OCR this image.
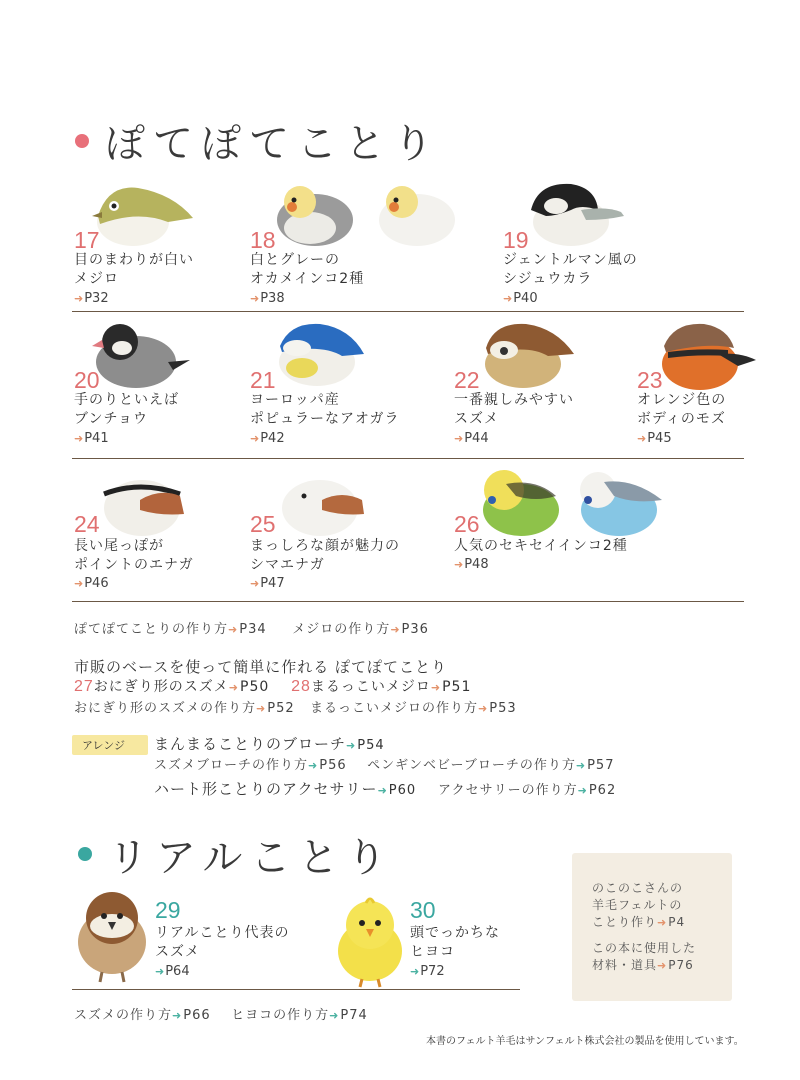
ぽてぽてことり
17
目のまわりが白い
メジロ
➜P32
18
白とグレーの
オカメインコ2種
➜P38
19
ジェントルマン風の
シジュウカラ
➜P40
20
手のりといえば
ブンチョウ
➜P41
21
ヨーロッパ産
ポピュラーなアオガラ
➜P42
22
一番親しみやすい
スズメ
➜P44
23
オレンジ色の
ボディのモズ
➜P45
24
長い尾っぽが
ポイントのエナガ
➜P46
25
まっしろな顔が魅力の
シマエナガ
➜P47
26
人気のセキセイインコ2種
➜P48
ぽてぽてことりの作り方➜P34 メジロの作り方➜P36
市販のベースを使って簡単に作れる ぽてぽてことり
27おにぎり形のスズメ➜P50 28まるっこいメジロ➜P51
おにぎり形のスズメの作り方➜P52 まるっこいメジロの作り方➜P53
アレンジ まんまることりのブローチ➜P54
スズメブローチの作り方➜P56 ペンギンベビーブローチの作り方➜P57
ハート形ことりのアクセサリー➜P60 アクセサリーの作り方➜P62
リアルことり
29
リアルことり代表の
スズメ
➜P64
30
頭でっかちな
ヒヨコ
➜P72
スズメの作り方➜P66 ヒヨコの作り方➜P74
のこのこさんの
羊毛フェルトの
ことり作り➜P4
この本に使用した
材料・道具➜P76
本書のフェルト羊毛はサンフェルト株式会社の製品を使用しています。
